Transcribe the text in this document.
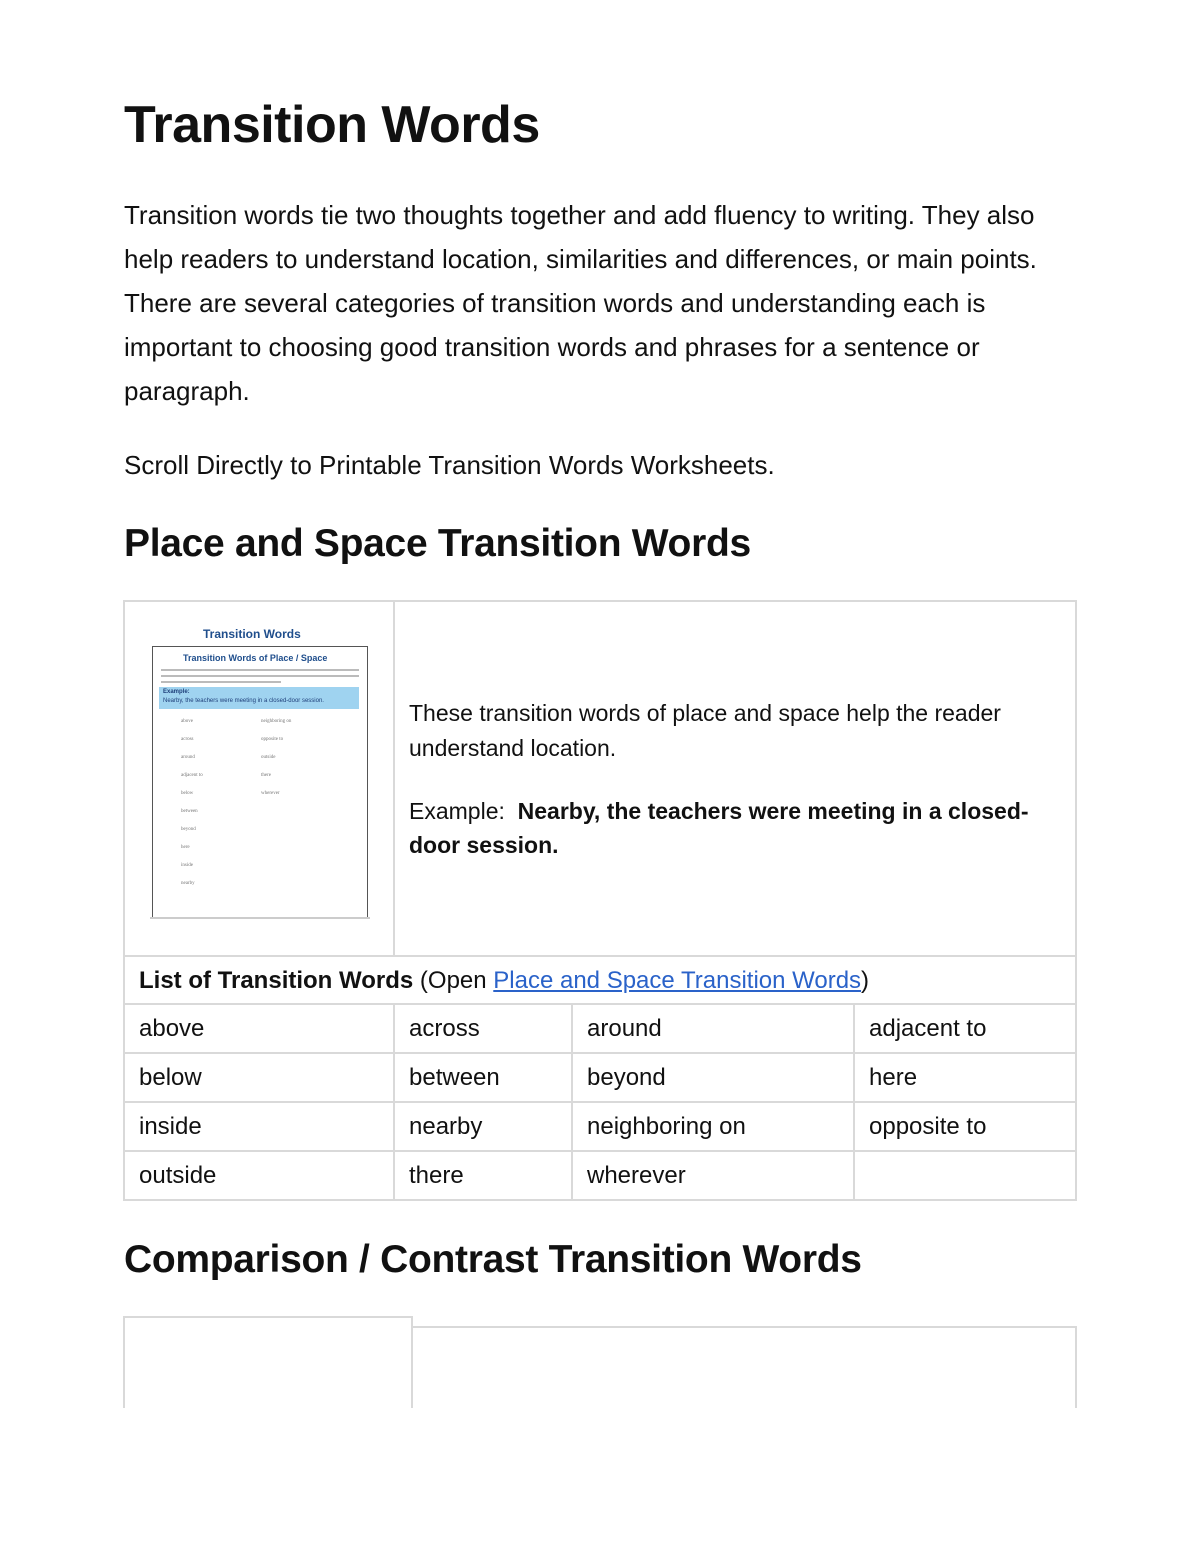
Transition Words

Transition words tie two thoughts together and add fluency to writing. They also help readers to understand location, similarities and differences, or main points. There are several categories of transition words and understanding each is important to choosing good transition words and phrases for a sentence or paragraph.

Scroll Directly to Printable Transition Words Worksheets.

Place and Space Transition Words
Transition Words
Transition Words of Place / Space
Example:
Nearby, the teachers were meeting in a closed-door session.
above
across
around
adjacent to
below
between
beyond
here
inside
nearby
neighboring on
opposite to
outside
there
wherever

These transition words of place and space help the reader understand location.

Example: Nearby, the teachers were meeting in a closed-door session.

List of Transition Words (Open Place and Space Transition Words)
above	across	around	adjacent to
below	between	beyond	here
inside	nearby	neighboring on	opposite to
outside	there	wherever
Comparison / Contrast Transition Words
